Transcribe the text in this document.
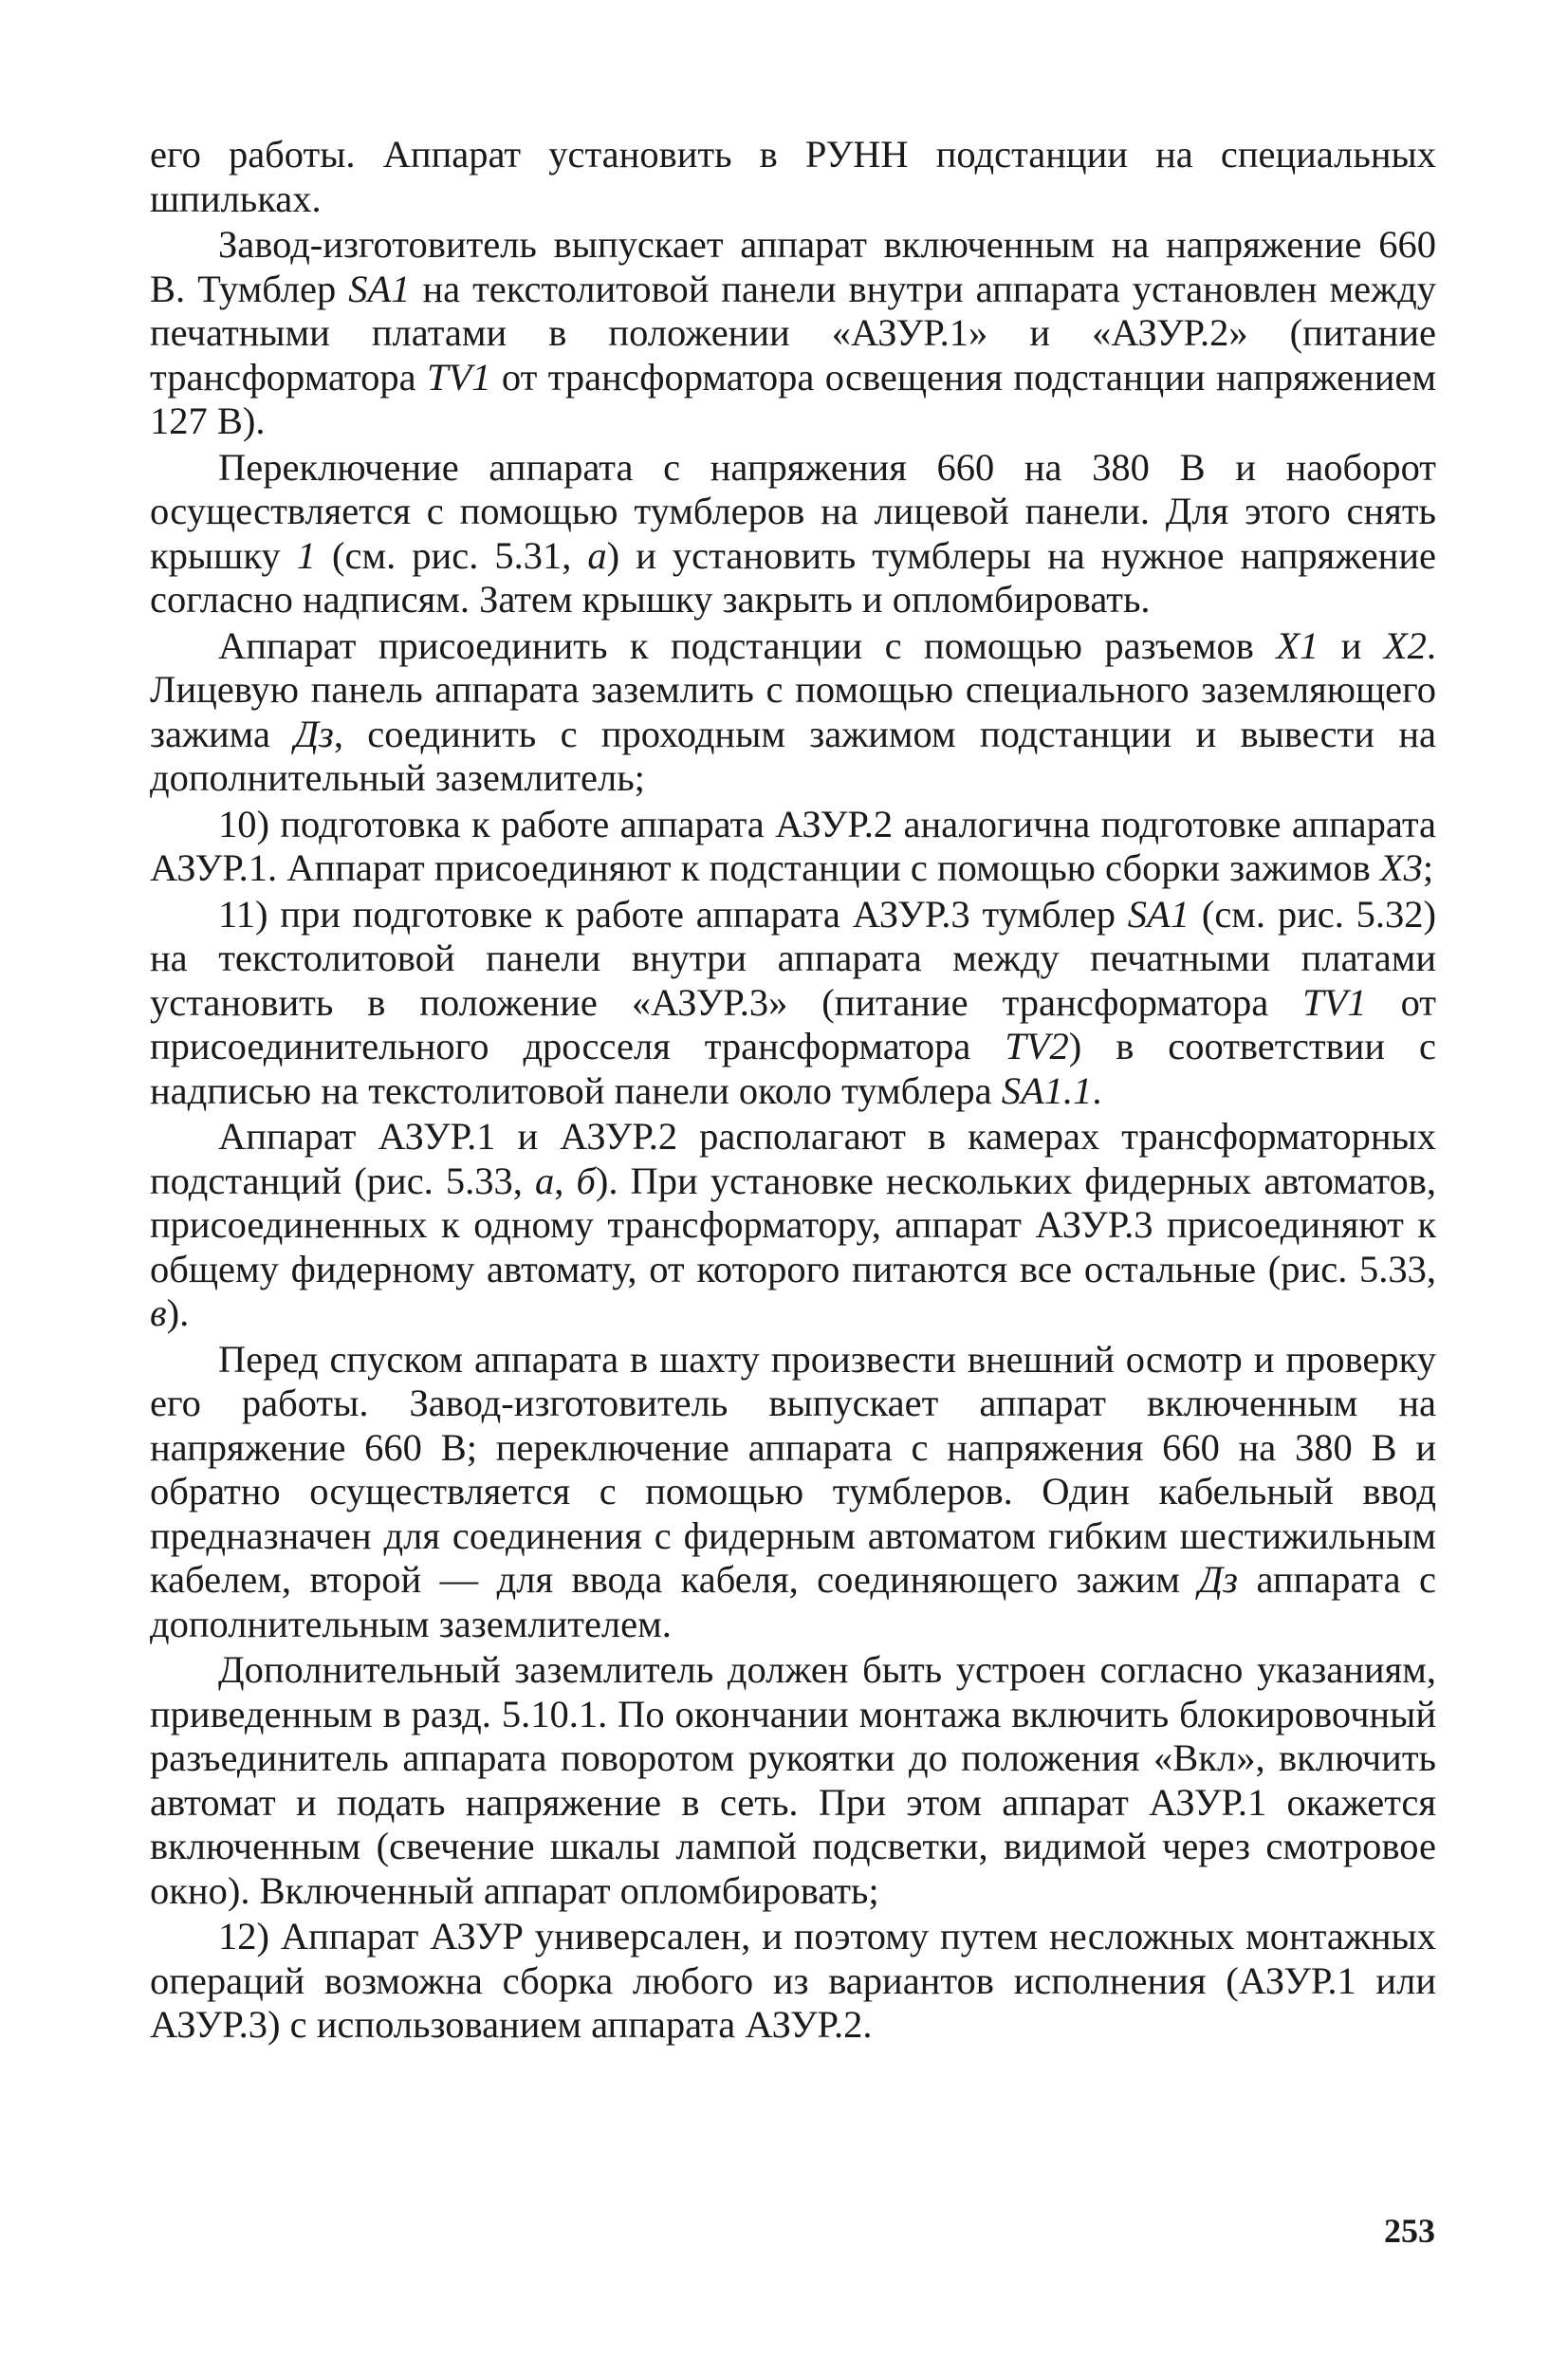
его работы. Аппарат установить в РУНН подстанции на специальных шпильках.

Завод-изготовитель выпускает аппарат включенным на напряжение 660 В. Тумблер SA1 на текстолитовой панели внутри аппарата установлен между печатными платами в положении «АЗУР.1» и «АЗУР.2» (питание трансформатора TV1 от трансформатора освещения подстанции напряжением 127 В).

Переключение аппарата с напряжения 660 на 380 В и наоборот осуществляется с помощью тумблеров на лицевой панели. Для этого снять крышку 1 (см. рис. 5.31, а) и установить тумблеры на нужное напряжение согласно надписям. Затем крышку закрыть и опломбировать.

Аппарат присоединить к подстанции с помощью разъемов X1 и X2. Лицевую панель аппарата заземлить с помощью специального заземляющего зажима Дз, соединить с проходным зажимом подстанции и вывести на дополнительный заземлитель;

10) подготовка к работе аппарата АЗУР.2 аналогична подготовке аппарата АЗУР.1. Аппарат присоединяют к подстанции с помощью сборки зажимов X3;

11) при подготовке к работе аппарата АЗУР.3 тумблер SA1 (см. рис. 5.32) на текстолитовой панели внутри аппарата между печатными платами установить в положение «АЗУР.3» (питание трансформатора TV1 от присоединительного дросселя трансформатора TV2) в соответствии с надписью на текстолитовой панели около тумблера SA1.1.

Аппарат АЗУР.1 и АЗУР.2 располагают в камерах трансформаторных подстанций (рис. 5.33, а, б). При установке нескольких фидерных автоматов, присоединенных к одному трансформатору, аппарат АЗУР.3 присоединяют к общему фидерному автомату, от которого питаются все остальные (рис. 5.33, в).

Перед спуском аппарата в шахту произвести внешний осмотр и проверку его работы. Завод-изготовитель выпускает аппарат включенным на напряжение 660 В; переключение аппарата с напряжения 660 на 380 В и обратно осуществляется с помощью тумблеров. Один кабельный ввод предназначен для соединения с фидерным автоматом гибким шестижильным кабелем, второй — для ввода кабеля, соединяющего зажим Дз аппарата с дополнительным заземлителем.

Дополнительный заземлитель должен быть устроен согласно указаниям, приведенным в разд. 5.10.1. По окончании монтажа включить блокировочный разъединитель аппарата поворотом рукоятки до положения «Вкл», включить автомат и подать напряжение в сеть. При этом аппарат АЗУР.1 окажется включенным (свечение шкалы лампой подсветки, видимой через смотровое окно). Включенный аппарат опломбировать;

12) Аппарат АЗУР универсален, и поэтому путем несложных монтажных операций возможна сборка любого из вариантов исполнения (АЗУР.1 или АЗУР.3) с использованием аппарата АЗУР.2.

253
